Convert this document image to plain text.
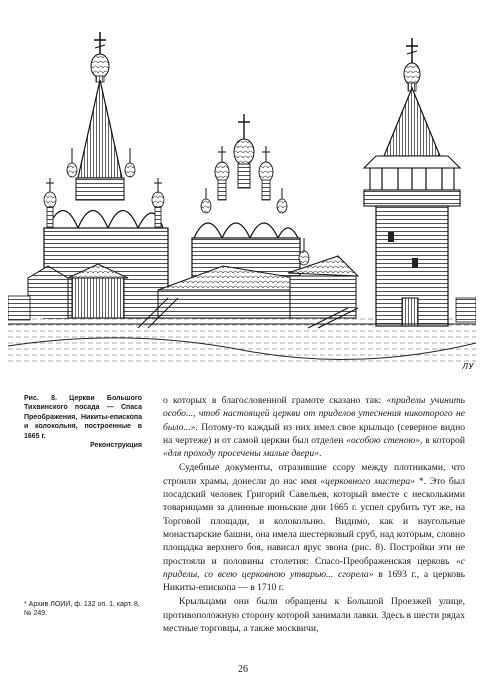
ЛУ
Рис. 8. Церкви Большого Тихвинского посада — Спаса Преображения, Никиты-епископа и колокольня, построенные в 1665 г.
Реконструкция

о которых в благословенной грамоте сказано так: «приделы учинить особо..., чтоб настоящей церкви от приделов утеснения никоторого не было...». Потому-то каждый из них имел свое крыльцо (северное видно на чертеже) и от самой церкви был отделен «особою стеною», в которой «для проходу просечены малые двери».

Судебные документы, отразившие ссору между плотниками, что строили храмы, донесли до нас имя «церковного мастера» *. Это был посадский человек Григорий Савельев, который вместе с несколькими товарищами за длинные июньские дни 1665 г. успел срубить тут же, на Торговой площади, и колокольню. Видимо, как и наугольные монастырские башни, она имела шестерковый сруб, над которым, словно площадка верхнего боя, нависал ярус звона (рис. 8). Постройки эти не простояли и половины столетия: Спасо-Преображенская церковь «с приделы, со всею церковною утварью... сгорела» в 1693 г., а церковь Никиты-епископа — в 1710 г.

Крыльцами они были обращены к Большой Проезжей улице, противоположную сторону которой занимали лавки. Здесь в шести рядах местные торговцы, а также москвичи,

* Архив ЛОИИ, ф. 132 оп. 1, карт. 8, № 249.
26
